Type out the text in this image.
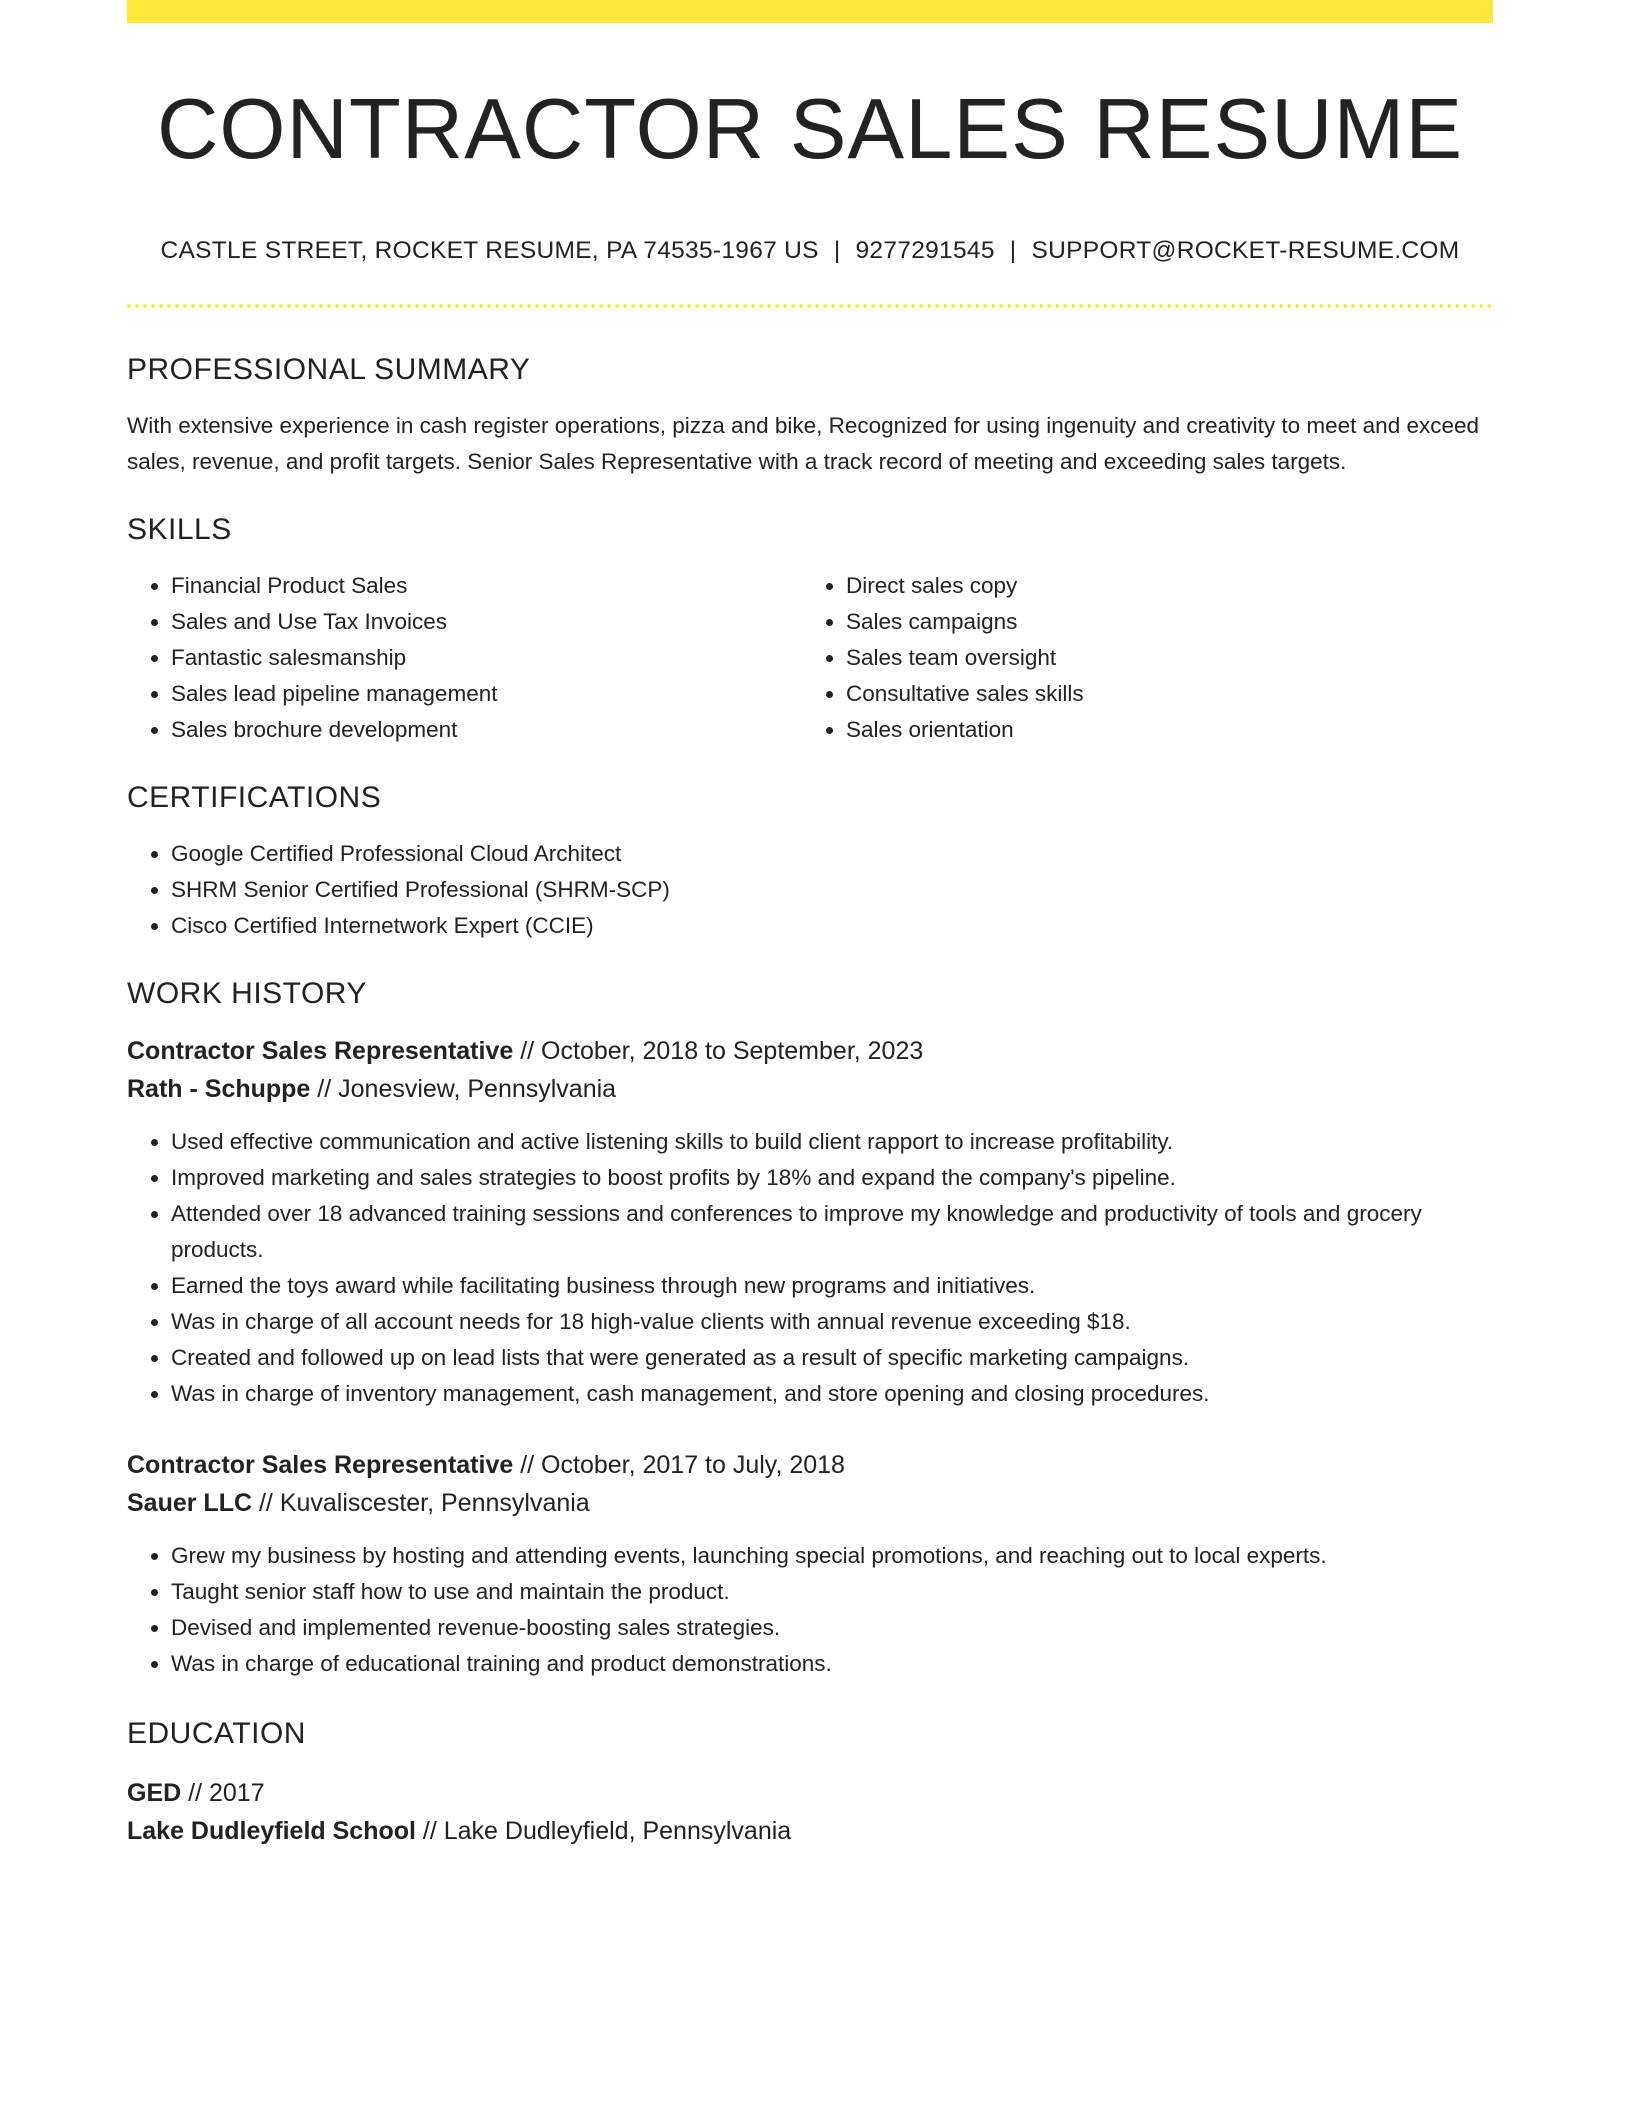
CONTRACTOR SALES RESUME
CASTLE STREET, ROCKET RESUME, PA 74535-1967 US | 9277291545 | SUPPORT@ROCKET-RESUME.COM
PROFESSIONAL SUMMARY

With extensive experience in cash register operations, pizza and bike, Recognized for using ingenuity and creativity to meet and exceed sales, revenue, and profit targets. Senior Sales Representative with a track record of meeting and exceeding sales targets.

SKILLS
• Financial Product Sales
• Sales and Use Tax Invoices
• Fantastic salesmanship
• Sales lead pipeline management
• Sales brochure development
• Direct sales copy
• Sales campaigns
• Sales team oversight
• Consultative sales skills
• Sales orientation
CERTIFICATIONS
• Google Certified Professional Cloud Architect
• SHRM Senior Certified Professional (SHRM-SCP)
• Cisco Certified Internetwork Expert (CCIE)
WORK HISTORY
Contractor Sales Representative // October, 2018 to September, 2023
Rath - Schuppe // Jonesview, Pennsylvania
• Used effective communication and active listening skills to build client rapport to increase profitability.
• Improved marketing and sales strategies to boost profits by 18% and expand the company's pipeline.
• Attended over 18 advanced training sessions and conferences to improve my knowledge and productivity of tools and grocery products.
• Earned the toys award while facilitating business through new programs and initiatives.
• Was in charge of all account needs for 18 high-value clients with annual revenue exceeding $18.
• Created and followed up on lead lists that were generated as a result of specific marketing campaigns.
• Was in charge of inventory management, cash management, and store opening and closing procedures.
Contractor Sales Representative // October, 2017 to July, 2018
Sauer LLC // Kuvaliscester, Pennsylvania
• Grew my business by hosting and attending events, launching special promotions, and reaching out to local experts.
• Taught senior staff how to use and maintain the product.
• Devised and implemented revenue-boosting sales strategies.
• Was in charge of educational training and product demonstrations.
EDUCATION
GED // 2017
Lake Dudleyfield School // Lake Dudleyfield, Pennsylvania
